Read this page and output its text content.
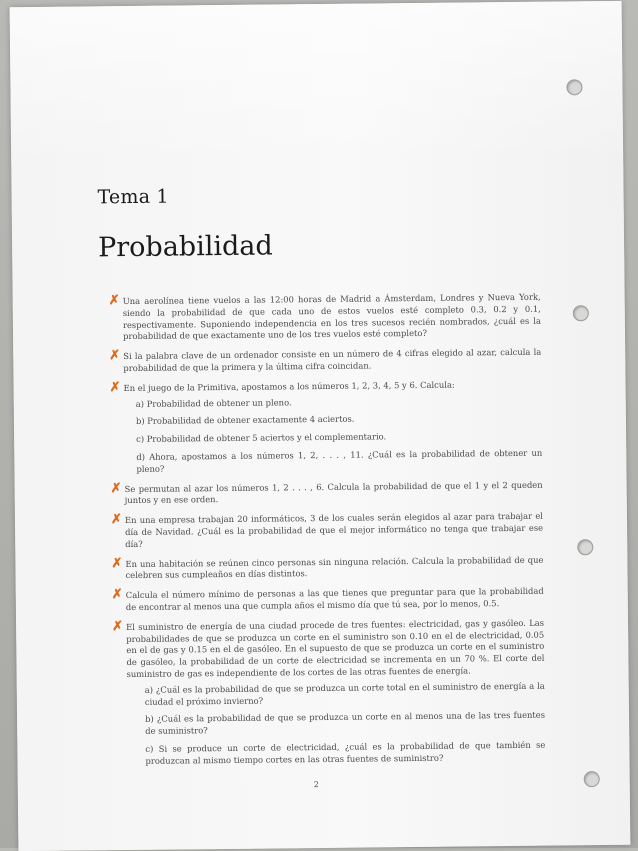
Tema 1
Probabilidad
✗ Una aerolínea tiene vuelos a las 12:00 horas de Madrid a Ámsterdam, Londres y Nueva York, siendo la probabilidad de que cada uno de estos vuelos esté completo 0.3, 0.2 y 0.1, respectivamente. Suponiendo independencia en los tres sucesos recién nombrados, ¿cuál es la probabilidad de que exactamente uno de los tres vuelos esté completo?
✗ Si la palabra clave de un ordenador consiste en un número de 4 cifras elegido al azar, calcula la probabilidad de que la primera y la última cifra coincidan.
✗ En el juego de la Primitiva, apostamos a los números 1, 2, 3, 4, 5 y 6. Calcula:
a) Probabilidad de obtener un pleno.
b) Probabilidad de obtener exactamente 4 aciertos.
c) Probabilidad de obtener 5 aciertos y el complementario.
d) Ahora, apostamos a los números 1, 2, . . . , 11. ¿Cuál es la probabilidad de obtener un pleno?
✗ Se permutan al azar los números 1, 2 . . . , 6. Calcula la probabilidad de que el 1 y el 2 queden juntos y en ese orden.
✗ En una empresa trabajan 20 informáticos, 3 de los cuales serán elegidos al azar para trabajar el día de Navidad. ¿Cuál es la probabilidad de que el mejor informático no tenga que trabajar ese día?
✗ En una habitación se reúnen cinco personas sin ninguna relación. Calcula la probabilidad de que celebren sus cumpleaños en días distintos.
✗ Calcula el número mínimo de personas a las que tienes que preguntar para que la probabilidad de encontrar al menos una que cumpla años el mismo día que tú sea, por lo menos, 0.5.
✗ El suministro de energía de una ciudad procede de tres fuentes: electricidad, gas y gasóleo. Las probabilidades de que se produzca un corte en el suministro son 0.10 en el de electricidad, 0.05 en el de gas y 0.15 en el de gasóleo. En el supuesto de que se produzca un corte en el suministro de gasóleo, la probabilidad de un corte de electricidad se incrementa en un 70 %. El corte del suministro de gas es independiente de los cortes de las otras fuentes de energía.
a) ¿Cuál es la probabilidad de que se produzca un corte total en el suministro de energía a la ciudad el próximo invierno?
b) ¿Cuál es la probabilidad de que se produzca un corte en al menos una de las tres fuentes de suministro?
c) Si se produce un corte de electricidad, ¿cuál es la probabilidad de que también se produzcan al mismo tiempo cortes en las otras fuentes de suministro?
2
